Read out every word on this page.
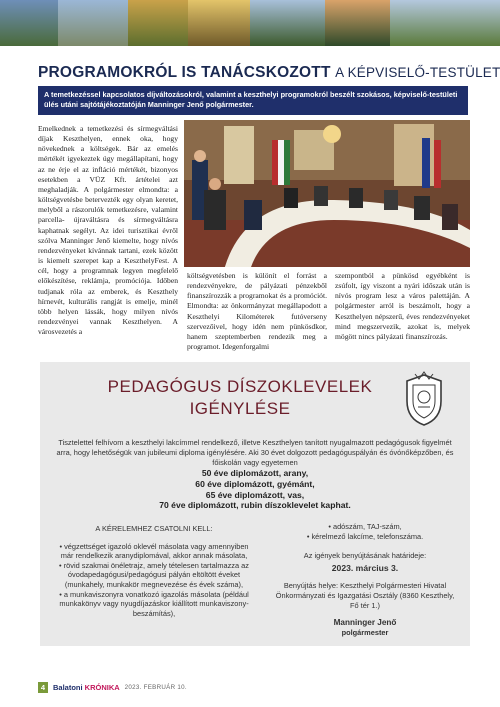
PROGRAMOKRÓL IS TANÁCSKOZOTT A KÉPVISELŐ-TESTÜLET
A temetkezéssel kapcsolatos díjváltozásokról, valamint a keszthelyi programokról beszélt szokásos, képviselő-testületi ülés utáni sajtótájékoztatóján Manninger Jenő polgármester.
Emelkednek a temetkezési és sírmegváltási díjak Keszthelyen, ennek oka, hogy növekednek a költségek. Bár az emelés mértékét igyekeztek úgy megállapítani, hogy az ne érje el az infláció mértékét, bizonyos esetekben a VÜZ Kft. ártételei azt meghaladják. A polgármester elmondta: a költségvetésbe betervezték egy olyan keretet, melyből a rászorulók temetkezésre, valamint parcella- újraváltásra és sírmegváltásra kaphatnak segélyt. Az idei turisztikai évről szólva Manninger Jenő kiemelte, hogy nívós rendezvényeket kívánnak tartani, ezek között is kiemelt szerepet kap a KeszthelyFest. A cél, hogy a programnak legyen megfelelő előkészítése, reklámja, promóciója. Időben tudjanak róla az emberek, és Keszthely hírnevét, kulturális rangját is emelje, minél több helyen lássák, hogy milyen nívós rendezvényei vannak Keszthelyen. A városvezetés a
költségvetésben is különít el forrást a rendezvényekre, de pályázati pénzekből finanszírozzák a programokat és a promóciót. Elmondta: az önkormányzat megállapodott a Keszthelyi Kilométerek futóverseny szervezőivel, hogy idén nem pünkösdkor, hanem szeptemberben rendezik meg a programot. Idegenforgalmi
szempontból a pünkösd egyébként is zsúfolt, így viszont a nyári időszak után is nívós program lesz a város palettáján. A polgármester arról is beszámolt, hogy a Keszthelyen népszerű, éves rendezvényeket mind megszervezik, azokat is, melyek mögött nincs pályázati finanszírozás.
PEDAGÓGUS DÍSZOKLEVELEK
IGÉNYLÉSE
Tisztelettel felhívom a keszthelyi lakcímmel rendelkező, illetve Keszthelyen tanított nyugalmazott pedagógusok figyelmét arra, hogy lehetőségük van jubileumi diploma igénylésére. Aki 30 évet dolgozott pedagóguspályán és óvónőképzőben, és főiskolán vagy egyetemen
50 éve diplomázott, arany,
60 éve diplomázott, gyémánt,
65 éve diplomázott, vas,
70 éve diplomázott, rubin díszoklevelet kaphat.
A KÉRELEMHEZ CSATOLNI KELL:
• végzettséget igazoló oklevél másolata vagy amennyiben már rendelkezik aranydiplomával, akkor annak másolata,
• rövid szakmai önéletrajz, amely tételesen tartalmazza az óvodapedagógusi/pedagógusi pályán eltöltött éveket (munkahely, munkakör megnevezése és évek száma),
• a munkaviszonyra vonatkozó igazolás másolata (például munkakönyv vagy nyugdíjazáskor kiállított munkaviszony-beszámítás),
• adószám, TAJ-szám,
• kérelmező lakcíme, telefonszáma.
Az igények benyújtásának határideje:
2023. március 3.
Benyújtás helye: Keszthelyi Polgármesteri Hivatal Önkormányzati és Igazgatási Osztály (8360 Keszthely, Fő tér 1.)
Manninger Jenő
polgármester
4	Balatoni KRÓNIKA 2023. FEBRUÁR 10.
